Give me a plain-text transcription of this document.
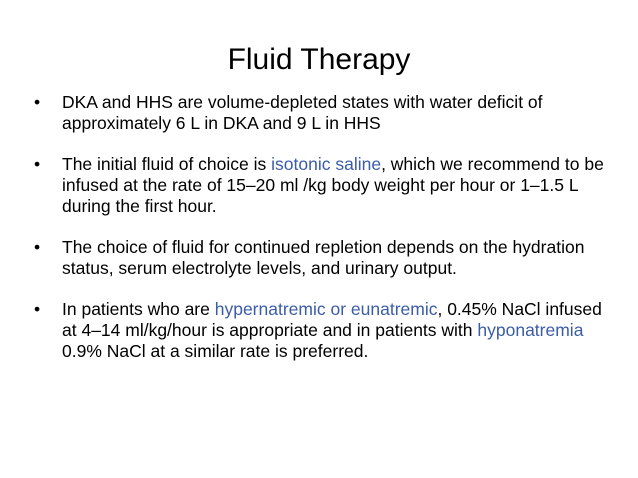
Fluid Therapy
•	DKA and HHS are volume-depleted states with water deficit of approximately 6 L in DKA and 9 L in HHS
•	The initial fluid of choice is isotonic saline, which we recommend to be infused at the rate of 15–20 ml /kg body weight per hour or 1–1.5 L during the first hour.
•	The choice of fluid for continued repletion depends on the hydration status, serum electrolyte levels, and urinary output.
•	In patients who are hypernatremic or eunatremic, 0.45% NaCl infused at 4–14 ml/kg/hour is appropriate and in patients with hyponatremia 0.9% NaCl at a similar rate is preferred.
